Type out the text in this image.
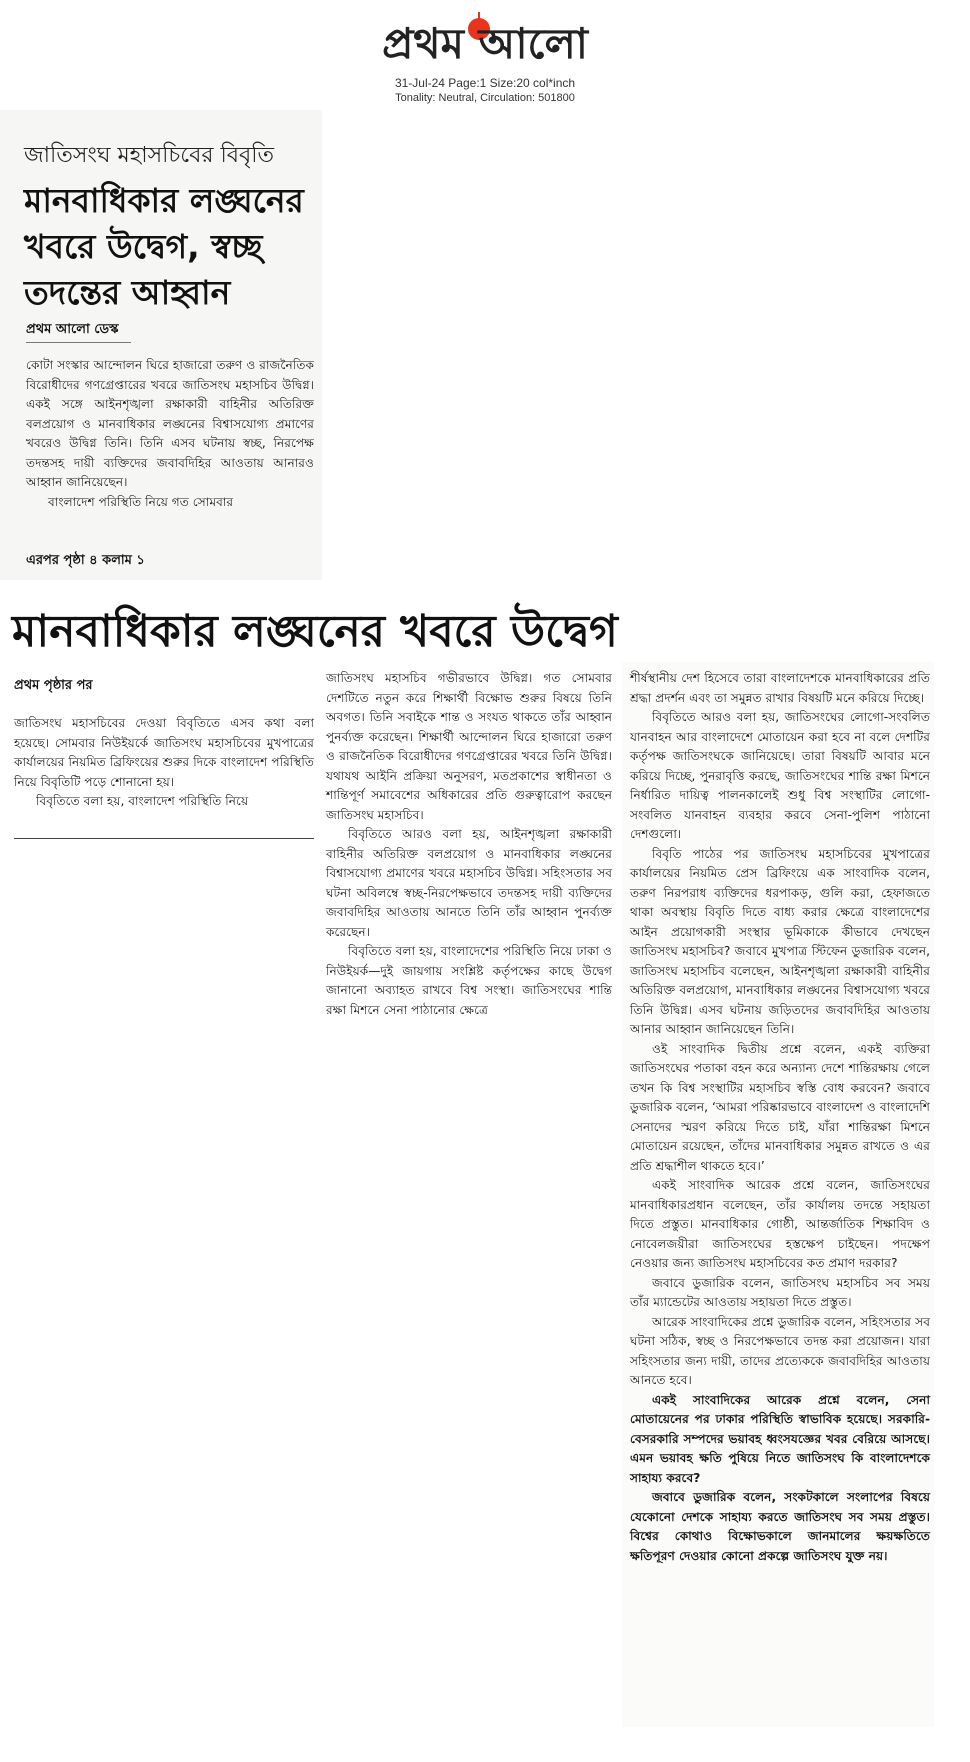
প্রথম আলো
31-Jul-24 Page:1 Size:20 col*inch
Tonality: Neutral, Circulation: 501800
জাতিসংঘ মহাসচিবের বিবৃতি
মানবাধিকার লঙ্ঘনের খবরে উদ্বেগ, স্বচ্ছ তদন্তের আহ্বান
প্রথম আলো ডেস্ক

কোটা সংস্কার আন্দোলন ঘিরে হাজারো তরুণ ও রাজনৈতিক বিরোধীদের গণগ্রেপ্তারের খবরে জাতিসংঘ মহাসচিব উদ্বিগ্ন। একই সঙ্গে আইনশৃঙ্খলা রক্ষাকারী বাহিনীর অতিরিক্ত বলপ্রয়োগ ও মানবাধিকার লঙ্ঘনের বিশ্বাসযোগ্য প্রমাণের খবরেও উদ্বিগ্ন তিনি। তিনি এসব ঘটনায় স্বচ্ছ, নিরপেক্ষ তদন্তসহ দায়ী ব্যক্তিদের জবাবদিহির আওতায় আনারও আহ্বান জানিয়েছেন।

বাংলাদেশ পরিস্থিতি নিয়ে গত সোমবার

এরপর পৃষ্ঠা ৪ কলাম ১
মানবাধিকার লঙ্ঘনের খবরে উদ্বেগ
প্রথম পৃষ্ঠার পর

জাতিসংঘ মহাসচিবের দেওয়া বিবৃতিতে এসব কথা বলা হয়েছে। সোমবার নিউইয়র্কে জাতিসংঘ মহাসচিবের মুখপাত্রের কার্যালয়ের নিয়মিত ব্রিফিংয়ের শুরুর দিকে বাংলাদেশ পরিস্থিতি নিয়ে বিবৃতিটি পড়ে শোনানো হয়।

বিবৃতিতে বলা হয়, বাংলাদেশ পরিস্থিতি নিয়ে

জাতিসংঘ মহাসচিব গভীরভাবে উদ্বিগ্ন। গত সোমবার দেশটিতে নতুন করে শিক্ষার্থী বিক্ষোভ শুরুর বিষয়ে তিনি অবগত। তিনি সবাইকে শান্ত ও সংযত থাকতে তাঁর আহ্বান পুনর্ব্যক্ত করেছেন। শিক্ষার্থী আন্দোলন ঘিরে হাজারো তরুণ ও রাজনৈতিক বিরোধীদের গণগ্রেপ্তারের খবরে তিনি উদ্বিগ্ন। যথাযথ আইনি প্রক্রিয়া অনুসরণ, মতপ্রকাশের স্বাধীনতা ও শান্তিপূর্ণ সমাবেশের অধিকারের প্রতি গুরুত্বারোপ করছেন জাতিসংঘ মহাসচিব।

বিবৃতিতে আরও বলা হয়, আইনশৃঙ্খলা রক্ষাকারী বাহিনীর অতিরিক্ত বলপ্রয়োগ ও মানবাধিকার লঙ্ঘনের বিশ্বাসযোগ্য প্রমাণের খবরে মহাসচিব উদ্বিগ্ন। সহিংসতার সব ঘটনা অবিলম্বে স্বচ্ছ-নিরপেক্ষভাবে তদন্তসহ দায়ী ব্যক্তিদের জবাবদিহির আওতায় আনতে তিনি তাঁর আহ্বান পুনর্ব্যক্ত করেছেন।

বিবৃতিতে বলা হয়, বাংলাদেশের পরিস্থিতি নিয়ে ঢাকা ও নিউইয়র্ক—দুই জায়গায় সংশ্লিষ্ট কর্তৃপক্ষের কাছে উদ্বেগ জানানো অব্যাহত রাখবে বিশ্ব সংস্থা। জাতিসংঘের শান্তি রক্ষা মিশনে সেনা পাঠানোর ক্ষেত্রে

শীর্ষস্থানীয় দেশ হিসেবে তারা বাংলাদেশকে মানবাধিকারের প্রতি শ্রদ্ধা প্রদর্শন এবং তা সমুন্নত রাখার বিষয়টি মনে করিয়ে দিচ্ছে।

বিবৃতিতে আরও বলা হয়, জাতিসংঘের লোগো-সংবলিত যানবাহন আর বাংলাদেশে মোতায়েন করা হবে না বলে দেশটির কর্তৃপক্ষ জাতিসংঘকে জানিয়েছে। তারা বিষয়টি আবার মনে করিয়ে দিচ্ছে, পুনরাবৃত্তি করছে, জাতিসংঘের শান্তি রক্ষা মিশনে নির্ধারিত দায়িত্ব পালনকালেই শুধু বিশ্ব সংস্থাটির লোগো-সংবলিত যানবাহন ব্যবহার করবে সেনা-পুলিশ পাঠানো দেশগুলো।

বিবৃতি পাঠের পর জাতিসংঘ মহাসচিবের মুখপাত্রের কার্যালয়ের নিয়মিত প্রেস ব্রিফিংয়ে এক সাংবাদিক বলেন, তরুণ নিরপরাধ ব্যক্তিদের ধরপাকড়, গুলি করা, হেফাজতে থাকা অবস্থায় বিবৃতি দিতে বাধ্য করার ক্ষেত্রে বাংলাদেশের আইন প্রয়োগকারী সংস্থার ভূমিকাকে কীভাবে দেখছেন জাতিসংঘ মহাসচিব? জবাবে মুখপাত্র স্টিফেন ডুজারিক বলেন, জাতিসংঘ মহাসচিব বলেছেন, আইনশৃঙ্খলা রক্ষাকারী বাহিনীর অতিরিক্ত বলপ্রয়োগ, মানবাধিকার লঙ্ঘনের বিশ্বাসযোগ্য খবরে তিনি উদ্বিগ্ন। এসব ঘটনায় জড়িতদের জবাবদিহির আওতায় আনার আহ্বান জানিয়েছেন তিনি।

ওই সাংবাদিক দ্বিতীয় প্রশ্নে বলেন, একই ব্যক্তিরা জাতিসংঘের পতাকা বহন করে অন্যান্য দেশে শান্তিরক্ষায় গেলে তখন কি বিশ্ব সংস্থাটির মহাসচিব স্বস্তি বোধ করবেন? জবাবে ডুজারিক বলেন, ‘আমরা পরিষ্কারভাবে বাংলাদেশ ও বাংলাদেশি সেনাদের স্মরণ করিয়ে দিতে চাই, যাঁরা শান্তিরক্ষা মিশনে মোতায়েন রয়েছেন, তাঁদের মানবাধিকার সমুন্নত রাখতে ও এর প্রতি শ্রদ্ধাশীল থাকতে হবে।’

একই সাংবাদিক আরেক প্রশ্নে বলেন, জাতিসংঘের মানবাধিকারপ্রধান বলেছেন, তাঁর কার্যালয় তদন্তে সহায়তা দিতে প্রস্তুত। মানবাধিকার গোষ্ঠী, আন্তর্জাতিক শিক্ষাবিদ ও নোবেলজয়ীরা জাতিসংঘের হস্তক্ষেপ চাইছেন। পদক্ষেপ নেওয়ার জন্য জাতিসংঘ মহাসচিবের কত প্রমাণ দরকার?

জবাবে ডুজারিক বলেন, জাতিসংঘ মহাসচিব সব সময় তাঁর ম্যান্ডেটের আওতায় সহায়তা দিতে প্রস্তুত।

আরেক সাংবাদিকের প্রশ্নে ডুজারিক বলেন, সহিংসতার সব ঘটনা সঠিক, স্বচ্ছ ও নিরপেক্ষভাবে তদন্ত করা প্রয়োজন। যারা সহিংসতার জন্য দায়ী, তাদের প্রত্যেককে জবাবদিহির আওতায় আনতে হবে।

একই সাংবাদিকের আরেক প্রশ্নে বলেন, সেনা মোতায়েনের পর ঢাকার পরিস্থিতি স্বাভাবিক হয়েছে। সরকারি-বেসরকারি সম্পদের ভয়াবহ ধ্বংসযজ্ঞের খবর বেরিয়ে আসছে। এমন ভয়াবহ ক্ষতি পুষিয়ে নিতে জাতিসংঘ কি বাংলাদেশকে সাহায্য করবে?

জবাবে ডুজারিক বলেন, সংকটকালে সংলাপের বিষয়ে যেকোনো দেশকে সাহায্য করতে জাতিসংঘ সব সময় প্রস্তুত। বিশ্বের কোথাও বিক্ষোভকালে জানমালের ক্ষয়ক্ষতিতে ক্ষতিপূরণ দেওয়ার কোনো প্রকল্পে জাতিসংঘ যুক্ত নয়।
